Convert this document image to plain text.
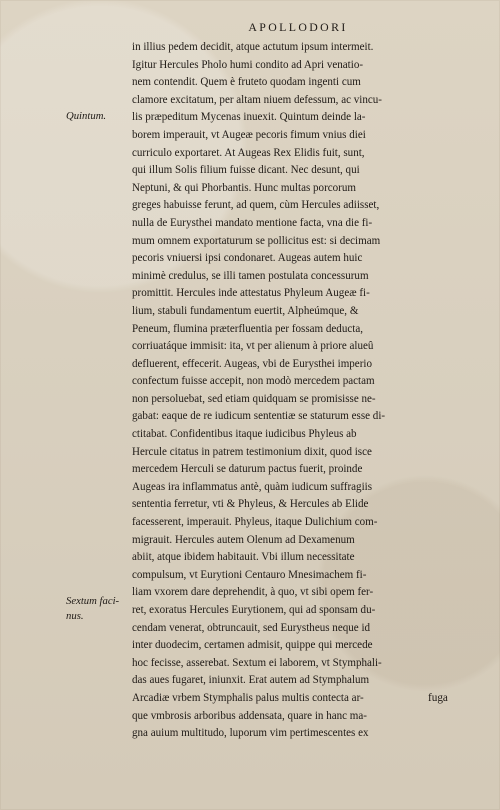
APOLLODORI
Quintum.
Sextum faci-
nus.
in illius pedem decidit, atque actutum ipsum intermeit.
Igitur Hercules Pholo humi condito ad Apri venatio-
nem contendit. Quem è fruteto quodam ingenti cum
clamore excitatum, per altam niuem defessum, ac vincu-
lis præpeditum Mycenas inuexit. Quintum deinde la-
borem imperauit, vt Augeæ pecoris fimum vnius diei
curriculo exportaret. At Augeas Rex Elidis fuit, sunt,
qui illum Solis filium fuisse dicant. Nec desunt, qui
Neptuni, & qui Phorbantis. Hunc multas porcorum
greges habuisse ferunt, ad quem, cùm Hercules adiisset,
nulla de Eurysthei mandato mentione facta, vna die fi-
mum omnem exportaturum se pollicitus est: si decimam
pecoris vniuersi ipsi condonaret. Augeas autem huic
minimè credulus, se illi tamen postulata concessurum
promittit. Hercules inde attestatus Phyleum Augeæ fi-
lium, stabuli fundamentum euertit, Alpheúmque, &
Peneum, flumina præterfluentia per fossam deducta,
corriuatáque immisit: ita, vt per alienum à priore alueû
defluerent, effecerit. Augeas, vbi de Eurysthei imperio
confectum fuisse accepit, non modò mercedem pactam
non persoluebat, sed etiam quidquam se promisisse ne-
gabat: eaque de re iudicum sententiæ se staturum esse di-
ctitabat. Confidentibus itaque iudicibus Phyleus ab
Hercule citatus in patrem testimonium dixit, quod isce
mercedem Herculi se daturum pactus fuerit, proinde
Augeas ira inflammatus antè, quàm iudicum suffragiis
sententia ferretur, vti & Phyleus, & Hercules ab Elide
facesserent, imperauit. Phyleus, itaque Dulichium com-
migrauit. Hercules autem Olenum ad Dexamenum
abiit, atque ibidem habitauit. Vbi illum necessitate
compulsum, vt Eurytioni Centauro Mnesimachem fi-
liam vxorem dare deprehendit, à quo, vt sibi opem fer-
ret, exoratus Hercules Eurytionem, qui ad sponsam du-
cendam venerat, obtruncauit, sed Eurystheus neque id
inter duodecim, certamen admisit, quippe qui mercede
hoc fecisse, asserebat. Sextum ei laborem, vt Stymphali-
das aues fugaret, iniunxit. Erat autem ad Stymphalum
Arcadiæ vrbem Stymphalis palus multis contecta ar-
que vmbrosis arboribus addensata, quare in hanc ma-
gna auium multitudo, luporum vim pertimescentes ex
fuga
